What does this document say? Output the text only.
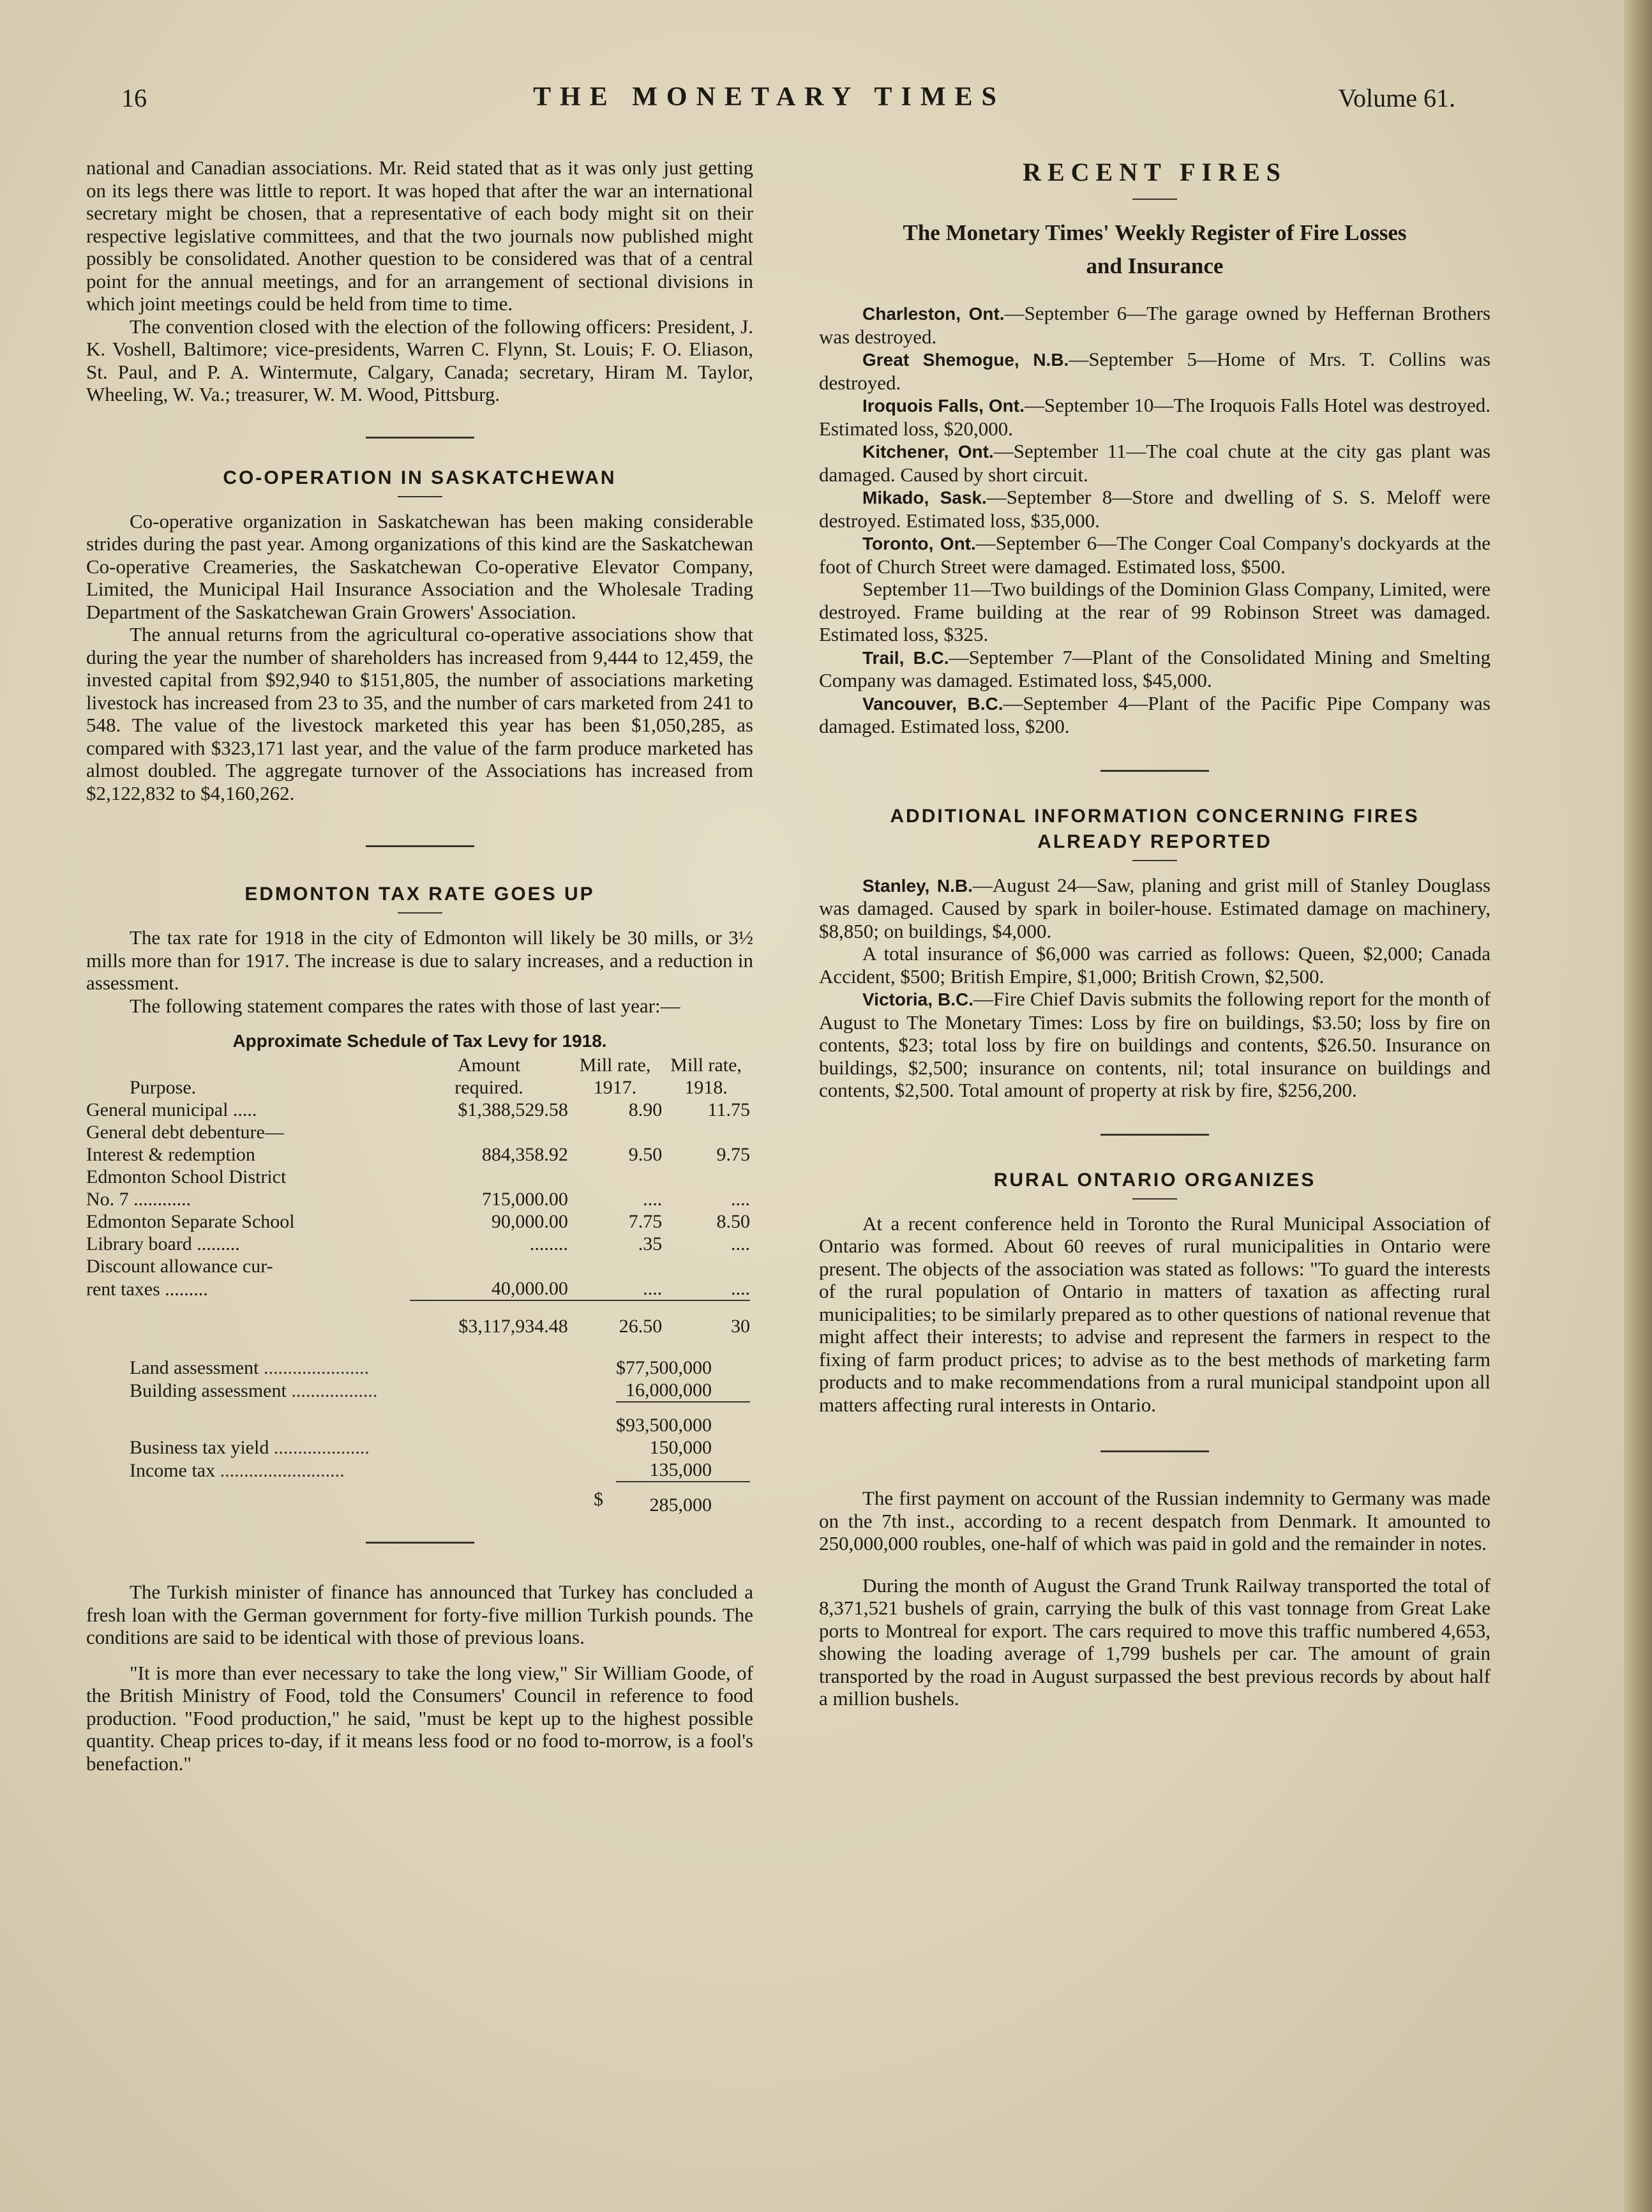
16	THE MONETARY TIMES	Volume 61.

national and Canadian associations. Mr. Reid stated that as it was only just getting on its legs there was little to report. It was hoped that after the war an international secretary might be chosen, that a representative of each body might sit on their respective legislative committees, and that the two journals now published might possibly be consolidated. Another question to be considered was that of a central point for the annual meetings, and for an arrangement of sectional divisions in which joint meetings could be held from time to time.

The convention closed with the election of the following officers: President, J. K. Voshell, Baltimore; vice-presidents, Warren C. Flynn, St. Louis; F. O. Eliason, St. Paul, and P. A. Wintermute, Calgary, Canada; secretary, Hiram M. Taylor, Wheeling, W. Va.; treasurer, W. M. Wood, Pittsburg.

CO-OPERATION IN SASKATCHEWAN

Co-operative organization in Saskatchewan has been making considerable strides during the past year. Among organizations of this kind are the Saskatchewan Co-operative Creameries, the Saskatchewan Co-operative Elevator Company, Limited, the Municipal Hail Insurance Association and the Wholesale Trading Department of the Saskatchewan Grain Growers' Association.

The annual returns from the agricultural co-operative associations show that during the year the number of shareholders has increased from 9,444 to 12,459, the invested capital from $92,940 to $151,805, the number of associations marketing livestock has increased from 23 to 35, and the number of cars marketed from 241 to 548. The value of the livestock marketed this year has been $1,050,285, as compared with $323,171 last year, and the value of the farm produce marketed has almost doubled. The aggregate turnover of the Associations has increased from $2,122,832 to $4,160,262.

EDMONTON TAX RATE GOES UP

The tax rate for 1918 in the city of Edmonton will likely be 30 mills, or 3½ mills more than for 1917. The increase is due to salary increases, and a reduction in assessment.

The following statement compares the rates with those of last year:—

Approximate Schedule of Tax Levy for 1918.
	Amount	Mill rate,	Mill rate,
Purpose.	required.	1917.	1918.
General municipal .....	$1,388,529.58	8.90	11.75
General debt debenture—			
Interest & redemption	884,358.92	9.50	9.75
Edmonton School District			
No. 7 ............	715,000.00	....	....
Edmonton Separate School	90,000.00	7.75	8.50
Library board .........	........	.35	....
Discount allowance cur-			
rent taxes .........	40,000.00	....	....
	$3,117,934.48	26.50	30
Land assessment ......................	$77,500,000
Building assessment ..................	16,000,000
	$93,500,000
Business tax yield ....................	150,000
Income tax ..........................	135,000
$	285,000

The Turkish minister of finance has announced that Turkey has concluded a fresh loan with the German government for forty-five million Turkish pounds. The conditions are said to be identical with those of previous loans.

"It is more than ever necessary to take the long view," Sir William Goode, of the British Ministry of Food, told the Consumers' Council in reference to food production. "Food production," he said, "must be kept up to the highest possible quantity. Cheap prices to-day, if it means less food or no food to-morrow, is a fool's benefaction."

RECENT FIRES
The Monetary Times' Weekly Register of Fire Losses
and Insurance

Charleston, Ont.—September 6—The garage owned by Heffernan Brothers was destroyed.

Great Shemogue, N.B.—September 5—Home of Mrs. T. Collins was destroyed.

Iroquois Falls, Ont.—September 10—The Iroquois Falls Hotel was destroyed. Estimated loss, $20,000.

Kitchener, Ont.—September 11—The coal chute at the city gas plant was damaged. Caused by short circuit.

Mikado, Sask.—September 8—Store and dwelling of S. S. Meloff were destroyed. Estimated loss, $35,000.

Toronto, Ont.—September 6—The Conger Coal Company's dockyards at the foot of Church Street were damaged. Estimated loss, $500.

September 11—Two buildings of the Dominion Glass Company, Limited, were destroyed. Frame building at the rear of 99 Robinson Street was damaged. Estimated loss, $325.

Trail, B.C.—September 7—Plant of the Consolidated Mining and Smelting Company was damaged. Estimated loss, $45,000.

Vancouver, B.C.—September 4—Plant of the Pacific Pipe Company was damaged. Estimated loss, $200.

ADDITIONAL INFORMATION CONCERNING FIRES
ALREADY REPORTED

Stanley, N.B.—August 24—Saw, planing and grist mill of Stanley Douglass was damaged. Caused by spark in boiler-house. Estimated damage on machinery, $8,850; on buildings, $4,000.

A total insurance of $6,000 was carried as follows: Queen, $2,000; Canada Accident, $500; British Empire, $1,000; British Crown, $2,500.

Victoria, B.C.—Fire Chief Davis submits the following report for the month of August to The Monetary Times: Loss by fire on buildings, $3.50; loss by fire on contents, $23; total loss by fire on buildings and contents, $26.50. Insurance on buildings, $2,500; insurance on contents, nil; total insurance on buildings and contents, $2,500. Total amount of property at risk by fire, $256,200.

RURAL ONTARIO ORGANIZES

At a recent conference held in Toronto the Rural Municipal Association of Ontario was formed. About 60 reeves of rural municipalities in Ontario were present. The objects of the association was stated as follows: "To guard the interests of the rural population of Ontario in matters of taxation as affecting rural municipalities; to be similarly prepared as to other questions of national revenue that might affect their interests; to advise and represent the farmers in respect to the fixing of farm product prices; to advise as to the best methods of marketing farm products and to make recommendations from a rural municipal standpoint upon all matters affecting rural interests in Ontario.

The first payment on account of the Russian indemnity to Germany was made on the 7th inst., according to a recent despatch from Denmark. It amounted to 250,000,000 roubles, one-half of which was paid in gold and the remainder in notes.

During the month of August the Grand Trunk Railway transported the total of 8,371,521 bushels of grain, carrying the bulk of this vast tonnage from Great Lake ports to Montreal for export. The cars required to move this traffic numbered 4,653, showing the loading average of 1,799 bushels per car. The amount of grain transported by the road in August surpassed the best previous records by about half a million bushels.
